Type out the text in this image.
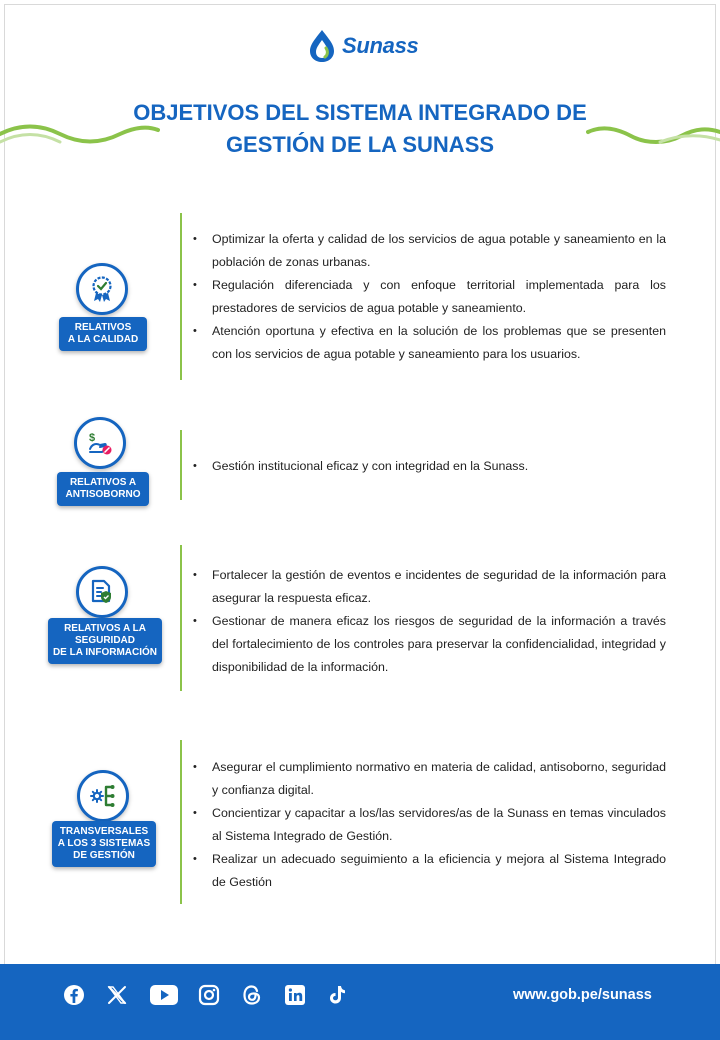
Sunass
OBJETIVOS DEL SISTEMA INTEGRADO DE
GESTIÓN DE LA SUNASS
RELATIVOS
A LA CALIDAD
• Optimizar la oferta y calidad de los servicios de agua potable y saneamiento en la población de zonas urbanas.
• Regulación diferenciada y con enfoque territorial implementada para los prestadores de servicios de agua potable y saneamiento.
• Atención oportuna y efectiva en la solución de los problemas que se presenten con los servicios de agua potable y saneamiento para los usuarios.
$
RELATIVOS A
ANTISOBORNO
• Gestión institucional eficaz y con integridad en la Sunass.
RELATIVOS A LA
SEGURIDAD
DE LA INFORMACIÓN
• Fortalecer la gestión de eventos e incidentes de seguridad de la información para asegurar la respuesta eficaz.
• Gestionar de manera eficaz los riesgos de seguridad de la información a través del fortalecimiento de los controles para preservar la confidencialidad, integridad y disponibilidad de la información.
TRANSVERSALES
A LOS 3 SISTEMAS
DE GESTIÓN
• Asegurar el cumplimiento normativo en materia de calidad, antisoborno, seguridad y confianza digital.
• Concientizar y capacitar a los/las servidores/as de la Sunass en temas vinculados al Sistema Integrado de Gestión.
• Realizar un adecuado seguimiento a la eficiencia y mejora al Sistema Integrado de Gestión
www.gob.pe/sunass
